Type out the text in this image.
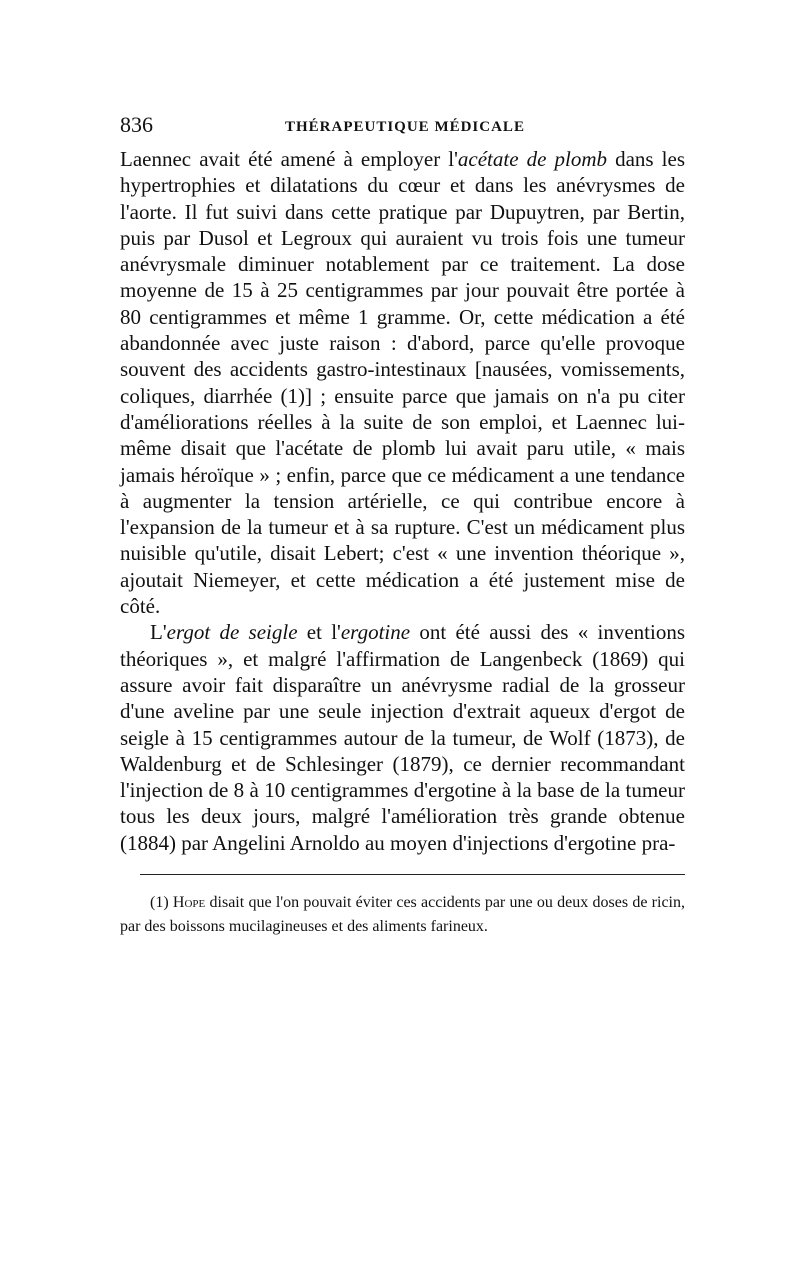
836	THÉRAPEUTIQUE MÉDICALE

Laennec avait été amené à employer l'acétate de plomb dans les hypertrophies et dilatations du cœur et dans les anévrysmes de l'aorte. Il fut suivi dans cette pratique par Dupuytren, par Bertin, puis par Dusol et Legroux qui auraient vu trois fois une tumeur anévrysmale diminuer notablement par ce traitement. La dose moyenne de 15 à 25 centigrammes par jour pouvait être portée à 80 centigrammes et même 1 gramme. Or, cette médication a été abandonnée avec juste raison : d'abord, parce qu'elle provoque souvent des accidents gastro-intestinaux [nausées, vomissements, coliques, diarrhée (1)] ; ensuite parce que jamais on n'a pu citer d'améliorations réelles à la suite de son emploi, et Laennec lui-même disait que l'acétate de plomb lui avait paru utile, « mais jamais héroïque » ; enfin, parce que ce médicament a une tendance à augmenter la tension artérielle, ce qui contribue encore à l'expansion de la tumeur et à sa rupture. C'est un médicament plus nuisible qu'utile, disait Lebert; c'est « une invention théorique », ajoutait Niemeyer, et cette médication a été justement mise de côté.

L'ergot de seigle et l'ergotine ont été aussi des « inventions théoriques », et malgré l'affirmation de Langenbeck (1869) qui assure avoir fait disparaître un anévrysme radial de la grosseur d'une aveline par une seule injection d'extrait aqueux d'ergot de seigle à 15 centigrammes autour de la tumeur, de Wolf (1873), de Waldenburg et de Schlesinger (1879), ce dernier recommandant l'injection de 8 à 10 centigrammes d'ergotine à la base de la tumeur tous les deux jours, malgré l'amélioration très grande obtenue (1884) par Angelini Arnoldo au moyen d'injections d'ergotine pra-

(1) Hope disait que l'on pouvait éviter ces accidents par une ou deux doses de ricin, par des boissons mucilagineuses et des aliments farineux.
